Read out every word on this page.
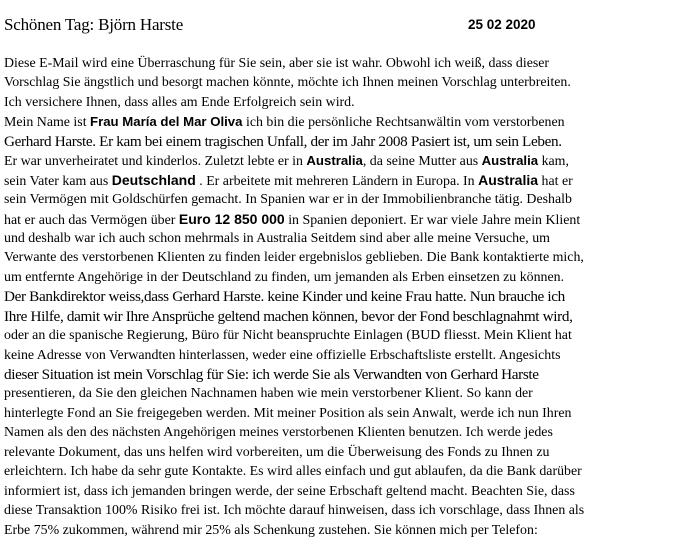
Schönen Tag: Björn Harste	25 02 2020
Diese E-Mail wird eine Überraschung für Sie sein, aber sie ist wahr. Obwohl ich weiß, dass dieser
Vorschlag Sie ängstlich und besorgt machen könnte, möchte ich Ihnen meinen Vorschlag unterbreiten.
Ich versichere Ihnen, dass alles am Ende Erfolgreich sein wird.
Mein Name ist Frau María del Mar Oliva ich bin die persönliche Rechtsanwältin vom verstorbenen
Gerhard Harste. Er kam bei einem tragischen Unfall, der im Jahr 2008 Pasiert ist, um sein Leben.
Er war unverheiratet und kinderlos. Zuletzt lebte er in Australia, da seine Mutter aus Australia kam,
sein Vater kam aus Deutschland . Er arbeitete mit mehreren Ländern in Europa. In Australia hat er
sein Vermögen mit Goldschürfen gemacht. In Spanien war er in der Immobilienbranche tätig. Deshalb
hat er auch das Vermögen über Euro 12 850 000 in Spanien deponiert. Er war viele Jahre mein Klient
und deshalb war ich auch schon mehrmals in Australia Seitdem sind aber alle meine Versuche, um
Verwante des verstorbenen Klienten zu finden leider ergebnislos geblieben. Die Bank kontaktierte mich,
um entfernte Angehörige in der Deutschland zu finden, um jemanden als Erben einsetzen zu können.
Der Bankdirektor weiss,dass Gerhard Harste. keine Kinder und keine Frau hatte. Nun brauche ich
Ihre Hilfe, damit wir Ihre Ansprüche geltend machen können, bevor der Fond beschlagnahmt wird,
oder an die spanische Regierung, Büro für Nicht beanspruchte Einlagen (BUD fliesst. Mein Klient hat
keine Adresse von Verwandten hinterlassen, weder eine offizielle Erbschaftsliste erstellt. Angesichts
dieser Situation ist mein Vorschlag für Sie: ich werde Sie als Verwandten von Gerhard Harste
presentieren, da Sie den gleichen Nachnamen haben wie mein verstorbener Klient. So kann der
hinterlegte Fond an Sie freigegeben werden. Mit meiner Position als sein Anwalt, werde ich nun Ihren
Namen als den des nächsten Angehörigen meines verstorbenen Klienten benutzen. Ich werde jedes
relevante Dokument, das uns helfen wird vorbereiten, um die Überweisung des Fonds zu Ihnen zu
erleichtern. Ich habe da sehr gute Kontakte. Es wird alles einfach und gut ablaufen, da die Bank darüber
informiert ist, dass ich jemanden bringen werde, der seine Erbschaft geltend macht. Beachten Sie, dass
diese Transaktion 100% Risiko frei ist. Ich möchte darauf hinweisen, dass ich vorschlage, dass Ihnen als
Erbe 75% zukommen, während mir 25% als Schenkung zustehen. Sie können mich per Telefon:
